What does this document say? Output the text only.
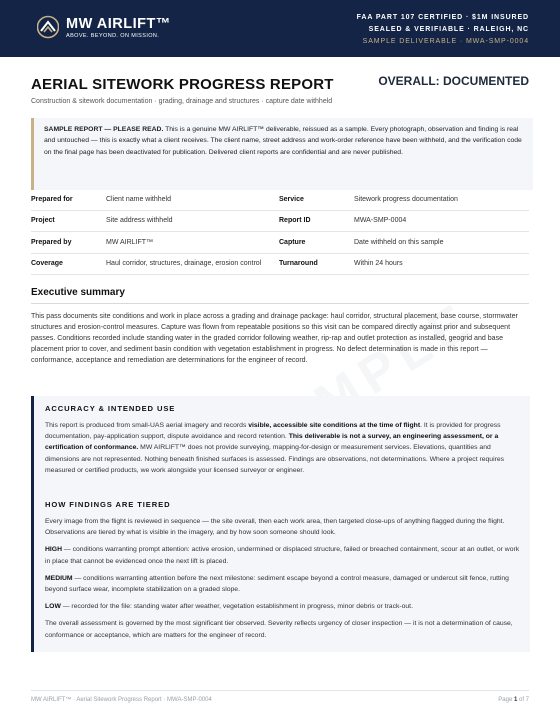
MW AIRLIFT™
ABOVE. BEYOND. ON MISSION.
FAA PART 107 CERTIFIED · $1M INSURED
SEALED & VERIFIABLE · RALEIGH, NC
SAMPLE DELIVERABLE · MWA-SMP-0004
AERIAL SITEWORK PROGRESS REPORT	OVERALL: DOCUMENTED
Construction & sitework documentation · grading, drainage and structures · capture date withheld
SAMPLE REPORT — PLEASE READ. This is a genuine MW AIRLIFT™ deliverable, reissued as a sample. Every photograph, observation and finding is real and untouched — this is exactly what a client receives. The client name, street address and work-order reference have been withheld, and the verification code on the final page has been deactivated for publication. Delivered client reports are confidential and are never published.
Prepared for	Client name withheld	Service	Sitework progress documentation
Project	Site address withheld	Report ID	MWA-SMP-0004
Prepared by	MW AIRLIFT™	Capture	Date withheld on this sample
Coverage	Haul corridor, structures, drainage, erosion control	Turnaround	Within 24 hours
Executive summary
This pass documents site conditions and work in place across a grading and drainage package: haul corridor, structural placement, base course, stormwater structures and erosion-control measures. Capture was flown from repeatable positions so this visit can be compared directly against prior and subsequent passes. Conditions recorded include standing water in the graded corridor following weather, rip-rap and outlet protection as installed, geogrid and base placement prior to cover, and sediment basin condition with vegetation establishment in progress. No defect determination is made in this report — conformance, acceptance and remediation are determinations for the engineer of record.
ACCURACY & INTENDED USE

This report is produced from small-UAS aerial imagery and records visible, accessible site conditions at the time of flight. It is provided for progress documentation, pay-application support, dispute avoidance and record retention. This deliverable is not a survey, an engineering assessment, or a certification of conformance. MW AIRLIFT™ does not provide surveying, mapping-for-design or measurement services. Elevations, quantities and dimensions are not represented. Nothing beneath finished surfaces is assessed. Findings are observations, not determinations. Where a project requires measured or certified products, we work alongside your licensed surveyor or engineer.

HOW FINDINGS ARE TIERED

Every image from the flight is reviewed in sequence — the site overall, then each work area, then targeted close-ups of anything flagged during the flight. Observations are tiered by what is visible in the imagery, and by how soon someone should look.

HIGH — conditions warranting prompt attention: active erosion, undermined or displaced structure, failed or breached containment, scour at an outlet, or work in place that cannot be evidenced once the next lift is placed.

MEDIUM — conditions warranting attention before the next milestone: sediment escape beyond a control measure, damaged or undercut silt fence, rutting beyond surface wear, incomplete stabilization on a graded slope.

LOW — recorded for the file: standing water after weather, vegetation establishment in progress, minor debris or track-out.

The overall assessment is governed by the most significant tier observed. Severity reflects urgency of closer inspection — it is not a determination of cause, conformance or acceptance, which are matters for the engineer of record.

MW AIRLIFT™ · Aerial Sitework Progress Report · MWA-SMP-0004	Page 1 of 7
